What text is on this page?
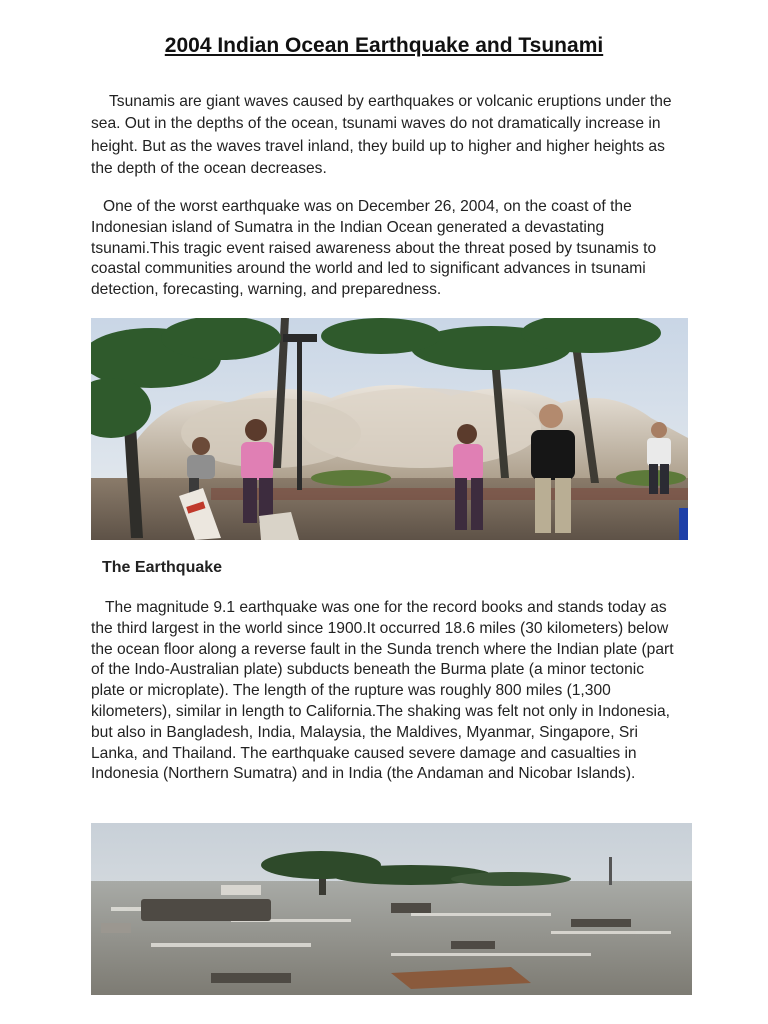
2004 Indian Ocean Earthquake and Tsunami

Tsunamis are giant waves caused by earthquakes or volcanic eruptions under the sea. Out in the depths of the ocean, tsunami waves do not dramatically increase in height. But as the waves travel inland, they build up to higher and higher heights as the depth of the ocean decreases.

One of the worst earthquake was on December 26, 2004, on the coast of the Indonesian island of Sumatra in the Indian Ocean generated a devastating tsunami.This tragic event raised awareness about the threat posed by tsunamis to coastal communities around the world and led to significant advances in tsunami detection, forecasting, warning, and preparedness.

The Earthquake

The magnitude 9.1 earthquake was one for the record books and stands today as the third largest in the world since 1900.It occurred 18.6 miles (30 kilometers) below the ocean floor along a reverse fault in the Sunda trench where the Indian plate (part of the Indo-Australian plate) subducts beneath the Burma plate (a minor tectonic plate or microplate). The length of the rupture was roughly 800 miles (1,300 kilometers), similar in length to California.The shaking was felt not only in Indonesia, but also in Bangladesh, India, Malaysia, the Maldives, Myanmar, Singapore, Sri Lanka, and Thailand. The earthquake caused severe damage and casualties in Indonesia (Northern Sumatra) and in India (the Andaman and Nicobar Islands).
